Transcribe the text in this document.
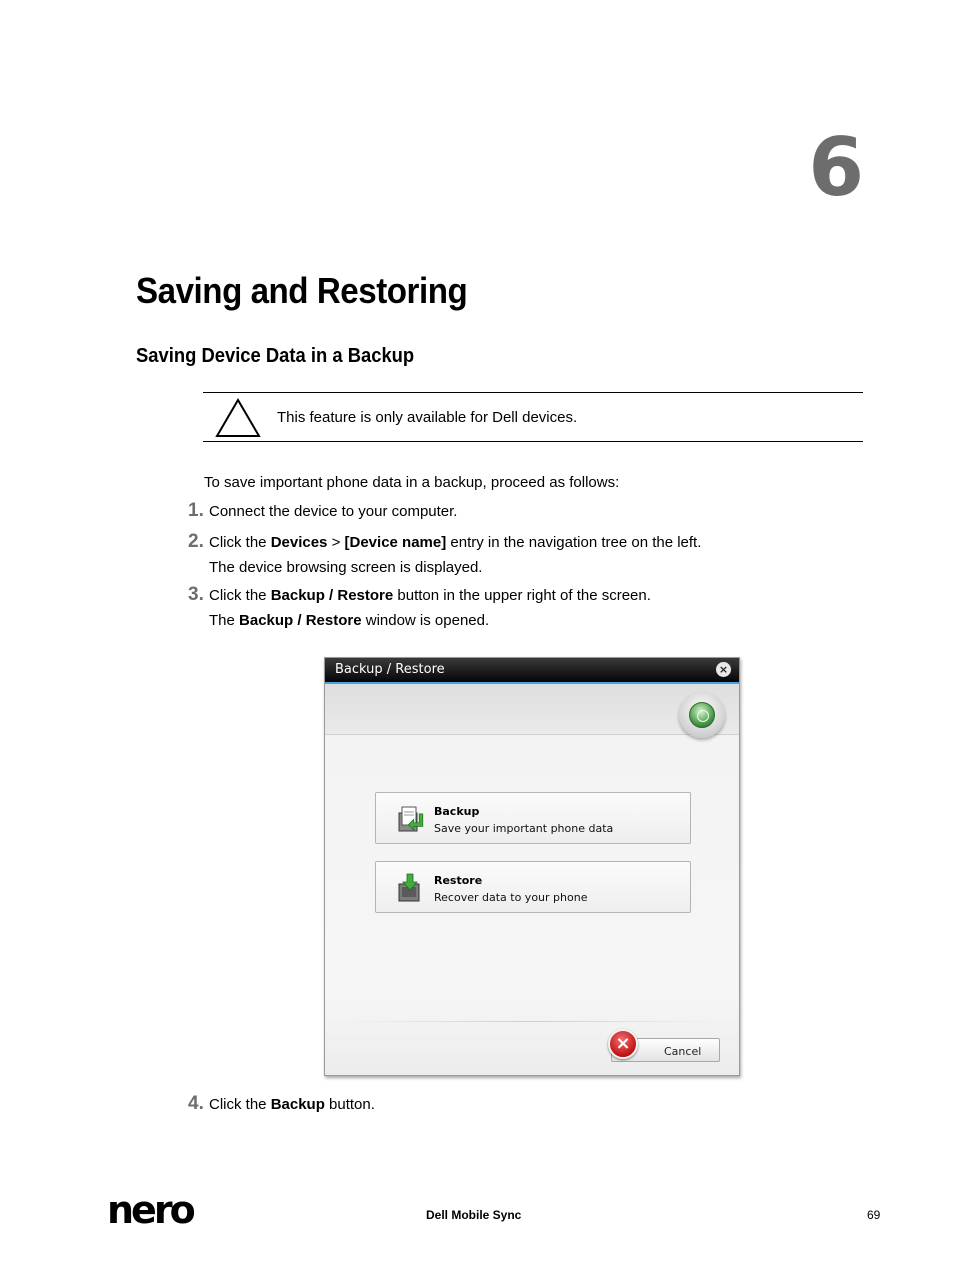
6
Saving and Restoring
Saving Device Data in a Backup
This feature is only available for Dell devices.
To save important phone data in a backup, proceed as follows:
1. Connect the device to your computer.
2. Click the Devices > [Device name] entry in the navigation tree on the left.
The device browsing screen is displayed.
3. Click the Backup / Restore button in the upper right of the screen.
The Backup / Restore window is opened.
Backup / Restore	×
Backup
Save your important phone data
Restore
Recover data to your phone
×	Cancel
4. Click the Backup button.
nero	Dell Mobile Sync	69
